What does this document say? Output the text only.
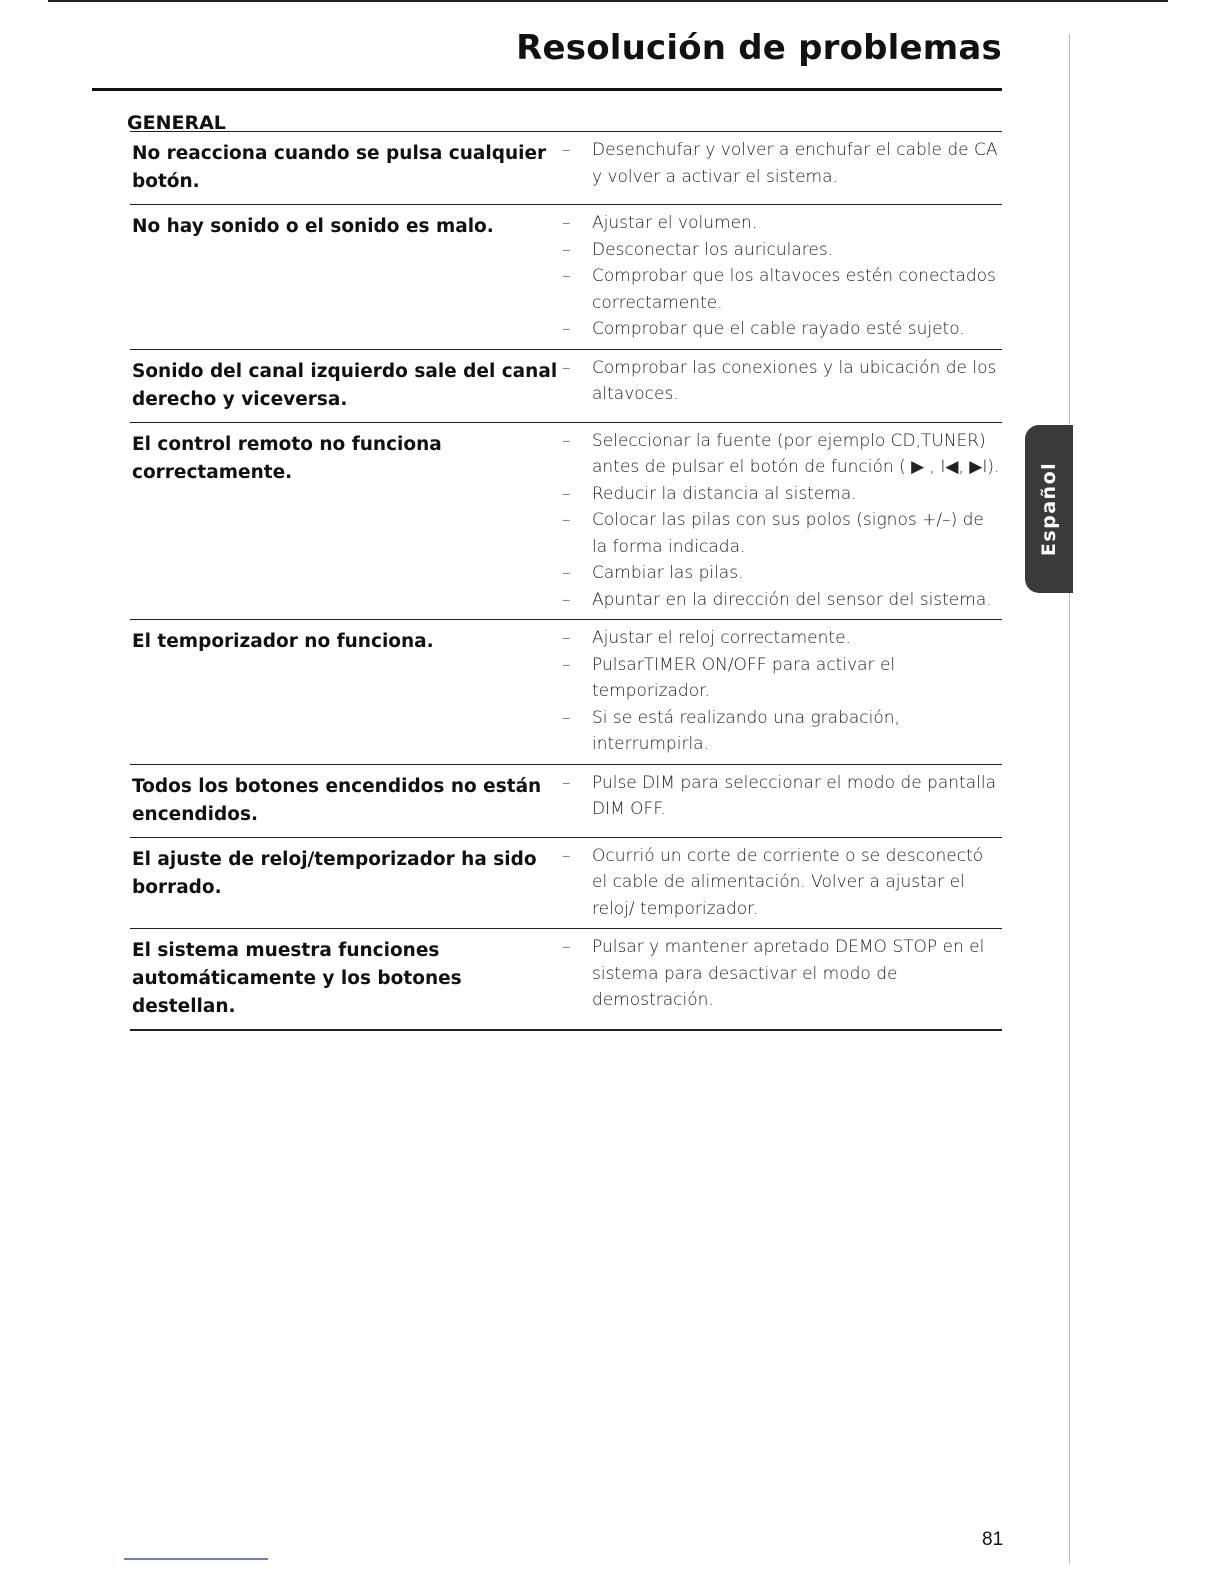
Resolución de problemas
GENERAL
No reacciona cuando se pulsa cualquier botón.
–	Desenchufar y volver a enchufar el cable de CA y volver a activar el sistema.
No hay sonido o el sonido es malo.	–	Ajustar el volumen.
–	Desconectar los auriculares.
–	Comprobar que los altavoces estén conectados correctamente.
–	Comprobar que el cable rayado esté sujeto.
Sonido del canal izquierdo sale del canal derecho y viceversa.
–	Comprobar las conexiones y la ubicación de los altavoces.
El control remoto no funciona correctamente.
–	Seleccionar la fuente (por ejemplo CD,TUNER) antes de pulsar el botón de función ( ▶ , I◀, ▶I).
–	Reducir la distancia al sistema.
–	Colocar las pilas con sus polos (signos +/–) de la forma indicada.
–	Cambiar las pilas.
–	Apuntar en la dirección del sensor del sistema.
El temporizador no funciona.	–	Ajustar el reloj correctamente.
–	PulsarTIMER ON/OFF para activar el temporizador.
–	Si se está realizando una grabación, interrumpirla.
Todos los botones encendidos no están encendidos.
–	Pulse DIM para seleccionar el modo de pantalla DIM OFF.
El ajuste de reloj/temporizador ha sido borrado.
–	Ocurrió un corte de corriente o se desconectó el cable de alimentación. Volver a ajustar el reloj/ temporizador.
El sistema muestra funciones automáticamente y los botones destellan.
–	Pulsar y mantener apretado DEMO STOP en el sistema para desactivar el modo de demostración.
Español
81
